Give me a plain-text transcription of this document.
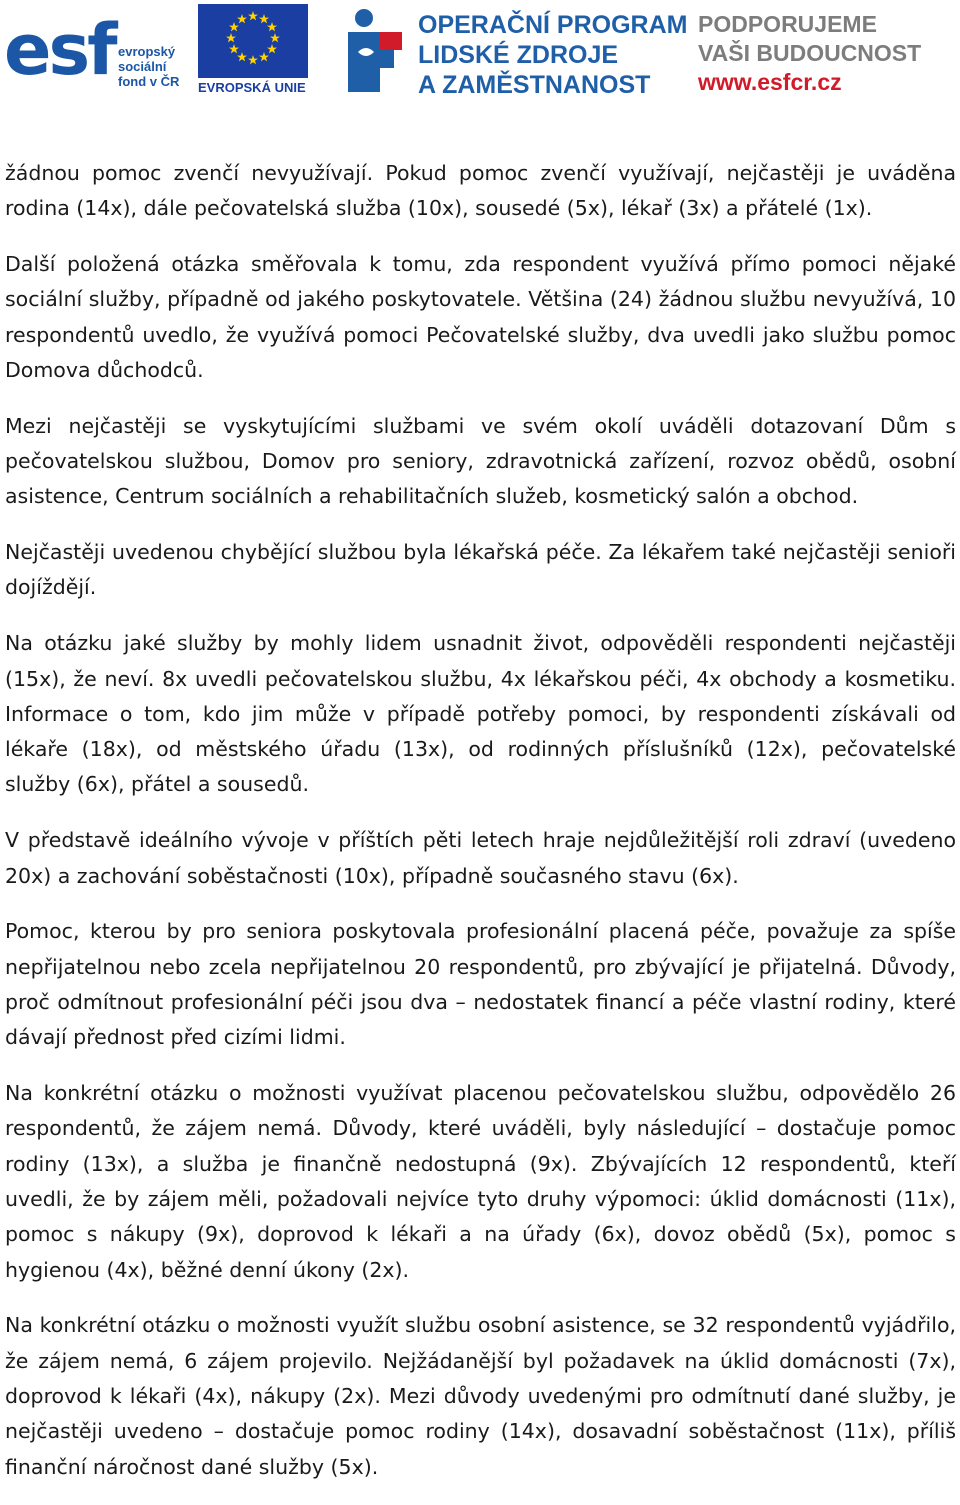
esf evropský
sociální
fond v ČR EVROPSKÁ UNIE
OPERAČNÍ PROGRAM
LIDSKÉ ZDROJE
A ZAMĚSTNANOST
PODPORUJEME
VAŠI BUDOUCNOST
www.esfcr.cz

žádnou pomoc zvenčí nevyužívají. Pokud pomoc zvenčí využívají, nejčastěji je uváděna rodina (14x), dále pečovatelská služba (10x), sousedé (5x), lékař (3x) a přátelé (1x).

Další položená otázka směřovala k tomu, zda respondent využívá přímo pomoci nějaké sociální služby, případně od jakého poskytovatele. Většina (24) žádnou službu nevyužívá, 10 respondentů uvedlo, že využívá pomoci Pečovatelské služby, dva uvedli jako službu pomoc Domova důchodců.

Mezi nejčastěji se vyskytujícími službami ve svém okolí uváděli dotazovaní Dům s pečovatelskou službou, Domov pro seniory, zdravotnická zařízení, rozvoz obědů, osobní asistence, Centrum sociálních a rehabilitačních služeb, kosmetický salón a obchod.

Nejčastěji uvedenou chybějící službou byla lékařská péče. Za lékařem také nejčastěji senioři dojíždějí.

Na otázku jaké služby by mohly lidem usnadnit život, odpověděli respondenti nejčastěji (15x), že neví. 8x uvedli pečovatelskou službu, 4x lékařskou péči, 4x obchody a kosmetiku. Informace o tom, kdo jim může v případě potřeby pomoci, by respondenti získávali od lékaře (18x), od městského úřadu (13x), od rodinných příslušníků (12x), pečovatelské služby (6x), přátel a sousedů.

V představě ideálního vývoje v příštích pěti letech hraje nejdůležitější roli zdraví (uvedeno 20x) a zachování soběstačnosti (10x), případně současného stavu (6x).

Pomoc, kterou by pro seniora poskytovala profesionální placená péče, považuje za spíše nepřijatelnou nebo zcela nepřijatelnou 20 respondentů, pro zbývající je přijatelná. Důvody, proč odmítnout profesionální péči jsou dva – nedostatek financí a péče vlastní rodiny, které dávají přednost před cizími lidmi.

Na konkrétní otázku o možnosti využívat placenou pečovatelskou službu, odpovědělo 26 respondentů, že zájem nemá. Důvody, které uváděli, byly následující – dostačuje pomoc rodiny (13x), a služba je finančně nedostupná (9x). Zbývajících 12 respondentů, kteří uvedli, že by zájem měli, požadovali nejvíce tyto druhy výpomoci: úklid domácnosti (11x), pomoc s nákupy (9x), doprovod k lékaři a na úřady (6x), dovoz obědů (5x), pomoc s hygienou (4x), běžné denní úkony (2x).

Na konkrétní otázku o možnosti využít službu osobní asistence, se 32 respondentů vyjádřilo, že zájem nemá, 6 zájem projevilo. Nejžádanější byl požadavek na úklid domácnosti (7x), doprovod k lékaři (4x), nákupy (2x). Mezi důvody uvedenými pro odmítnutí dané služby, je nejčastěji uvedeno – dostačuje pomoc rodiny (14x), dosavadní soběstačnost (11x), příliš finanční náročnost dané služby (5x).
